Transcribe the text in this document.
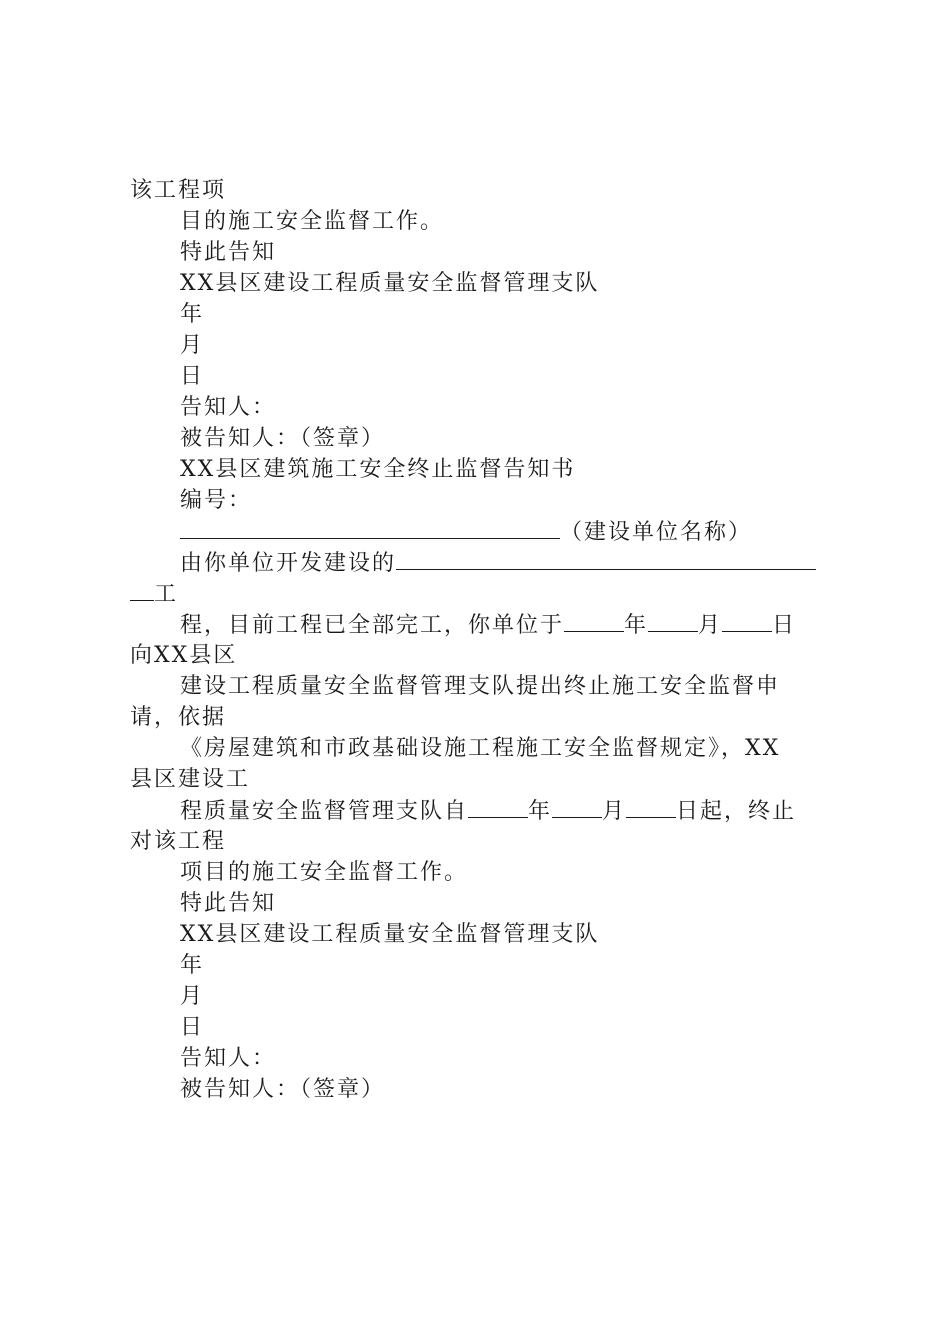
该工程项
目的施工安全监督工作。
特此告知
XX县区建设工程质量安全监督管理支队
年
月
日
告知人：
被告知人：（签章）
XX县区建筑施工安全终止监督告知书
编号：
（建设单位名称）
由你单位开发建设的
工
程，目前工程已全部完工，你单位于	年 月 日
向XX县区
建设工程质量安全监督管理支队提出终止施工安全监督申
请，依据
《房屋建筑和市政基础设施工程施工安全监督规定》，XX
县区建设工
程质量安全监督管理支队自	年 月 日起，终止
对该工程
项目的施工安全监督工作。
特此告知
XX县区建设工程质量安全监督管理支队
年
月
日
告知人：
被告知人：（签章）
